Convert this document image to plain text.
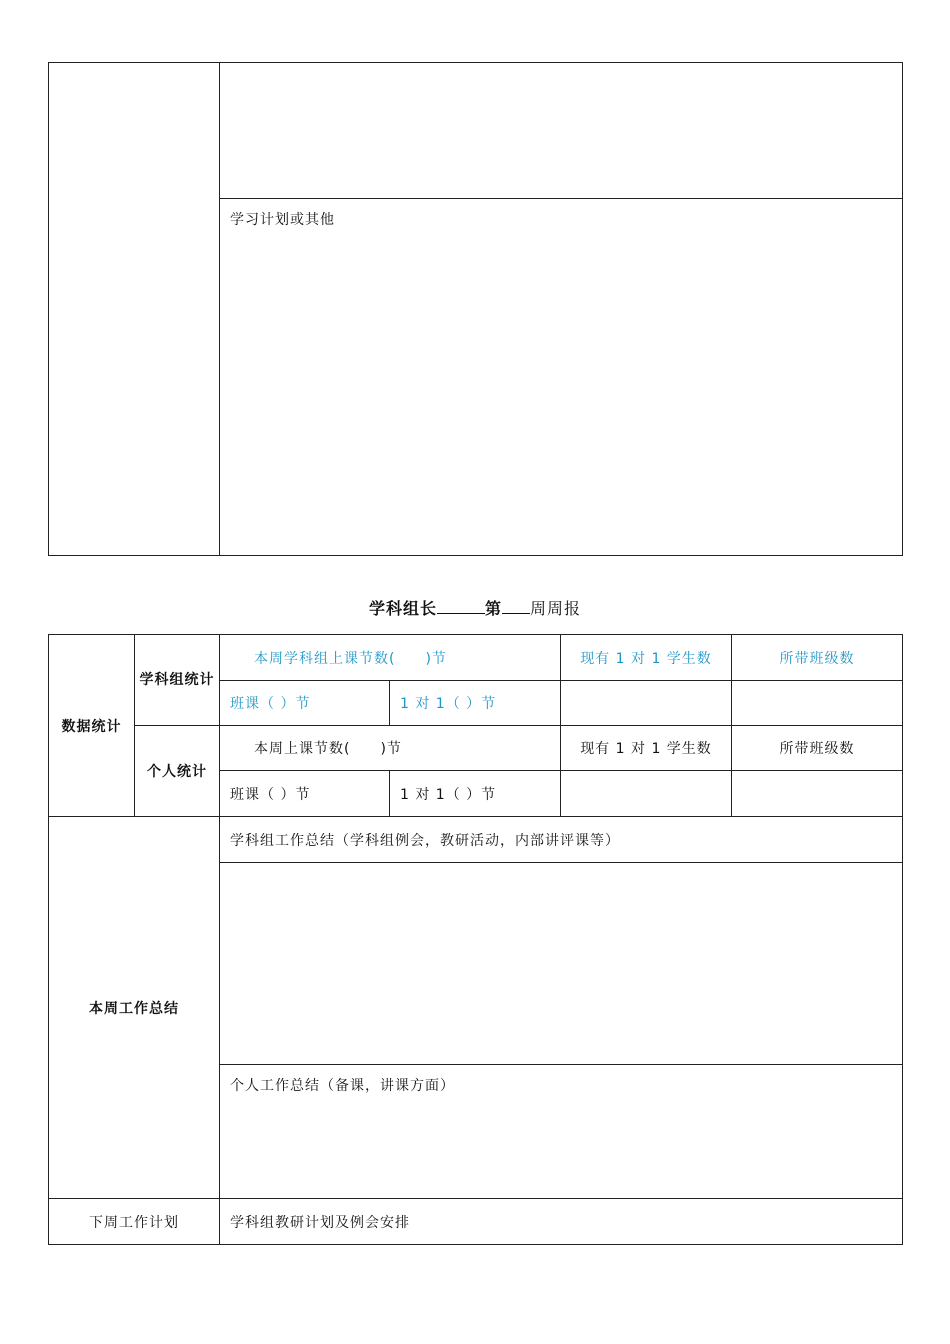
学习计划或其他
学科组长	第 周周报
数据统计	学科组统计	本周学科组上课节数(　　)节		现有 1 对 1 学生数	所带班级数
		班课（ ）节	1 对 1（ ）节		
	个人统计	本周上课节数(　　)节		现有 1 对 1 学生数	所带班级数
		班课（ ）节	1 对 1（ ）节		
本周工作总结		学科组工作总结（学科组例会，教研活动，内部讲评课等）			

		个人工作总结（备课，讲课方面）			
下周工作计划		学科组教研计划及例会安排			
